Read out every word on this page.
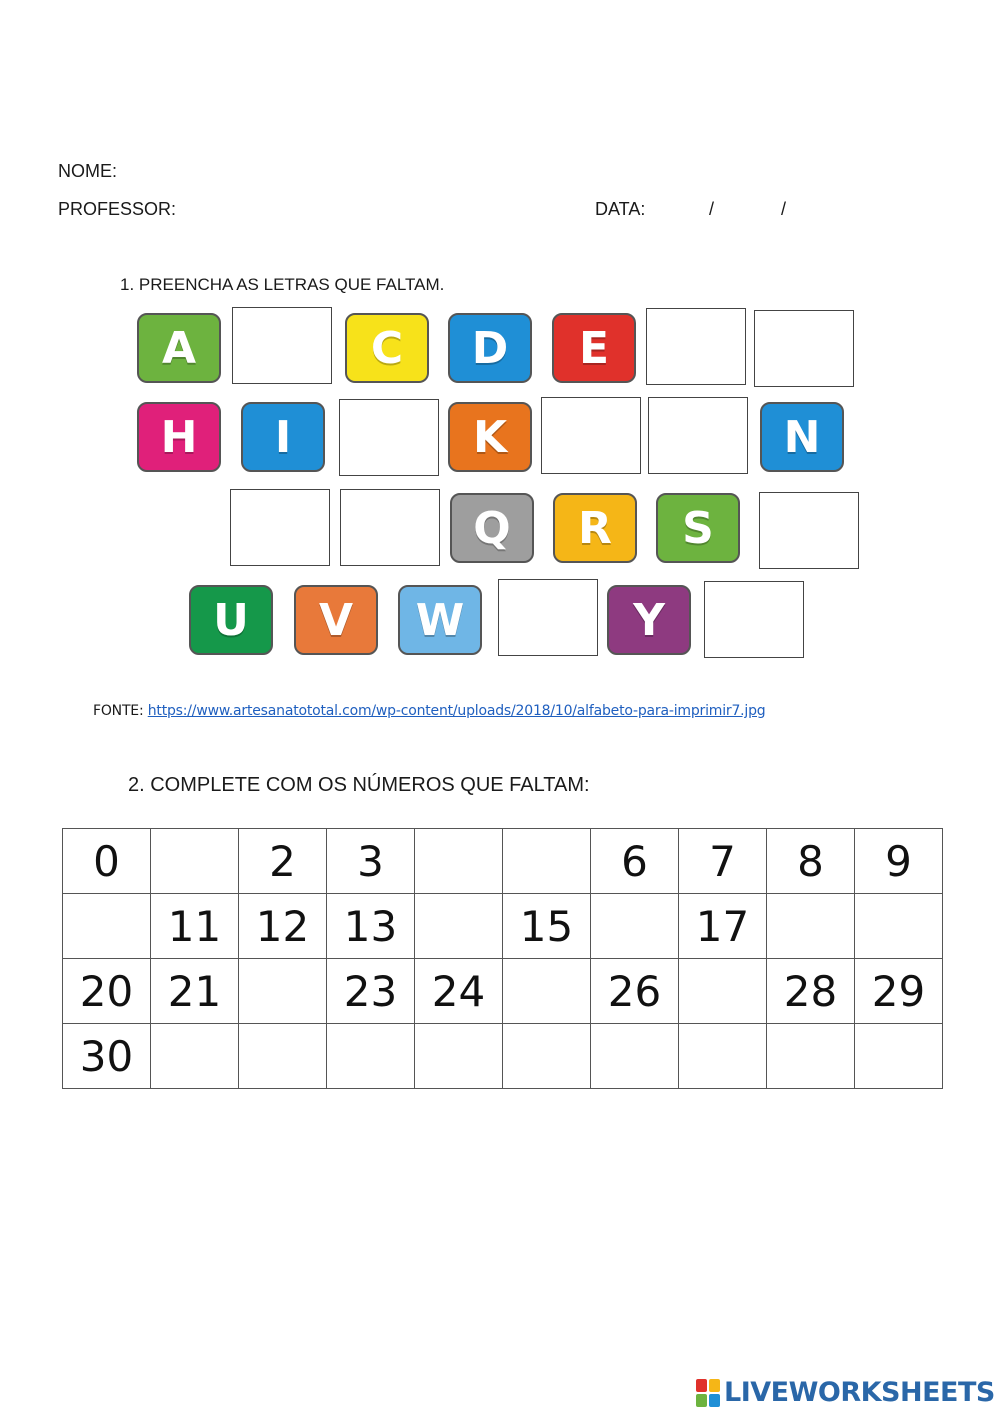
NOME:
PROFESSOR:	DATA:	/	/
1. PREENCHA AS LETRAS QUE FALTAM.
A	C	D	E
H	I	K	N
Q	R	S
U	V	W	Y
FONTE: https://www.artesanatototal.com/wp-content/uploads/2018/10/alfabeto-para-imprimir7.jpg
2. COMPLETE COM OS NÚMEROS QUE FALTAM:
0		2	3			6	7	8	9
	11	12	13		15		17		
20	21		23	24		26		28	29
30									
LIVEWORKSHEETS
